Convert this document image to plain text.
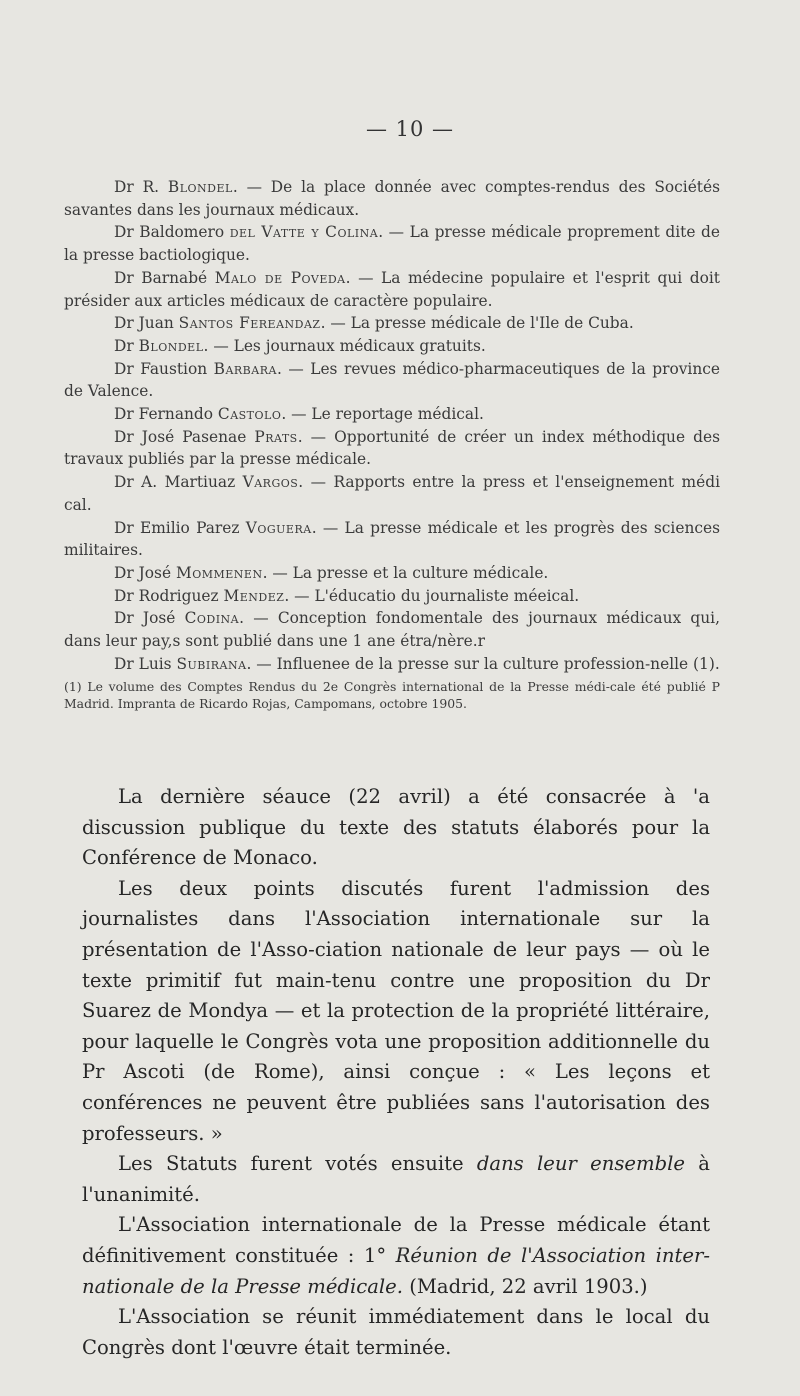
— 10 —

Dr R. Blondel. — De la place donnée avec comptes-rendus des Sociétés savantes dans les journaux médicaux.

Dr Baldomero del Vatte y Colina. — La presse médicale proprement dite de la presse bactiologique.

Dr Barnabé Malo de Poveda. — La médecine populaire et l'esprit qui doit présider aux articles médicaux de caractère populaire.

Dr Juan Santos Fereandaz. — La presse médicale de l'Ile de Cuba.

Dr Blondel. — Les journaux médicaux gratuits.

Dr Faustion Barbara. — Les revues médico-pharmaceutiques de la province de Valence.

Dr Fernando Castolo. — Le reportage médical.

Dr José Pasenae Prats. — Opportunité de créer un index méthodique des travaux publiés par la presse médicale.

Dr A. Martiuaz Vargos. — Rapports entre la press et l'enseignement médi cal.

Dr Emilio Parez Voguera. — La presse médicale et les progrès des sciences militaires.

Dr José Mommenen. — La presse et la culture médicale.

Dr Rodriguez Mendez. — L'éducatio du journaliste méeical.

Dr José Codina. — Conception fondomentale des journaux médicaux qui, dans leur pay,s sont publié dans une 1 ane étra/nère.r

Dr Luis Subirana. — Influenee de la presse sur la culture profession-nelle (1).

(1) Le volume des Comptes Rendus du 2e Congrès international de la Presse médi-cale été publié P Madrid. Impranta de Ricardo Rojas, Campomans, octobre 1905.

La dernière séauce (22 avril) a été consacrée à 'a discussion publique du texte des statuts élaborés pour la Conférence de Monaco.

Les deux points discutés furent l'admission des journalistes dans l'Association internationale sur la présentation de l'Asso-ciation nationale de leur pays — où le texte primitif fut main-tenu contre une proposition du Dr Suarez de Mondya — et la protection de la propriété littéraire, pour laquelle le Congrès vota une proposition additionnelle du Pr Ascoti (de Rome), ainsi conçue : « Les leçons et conférences ne peuvent être publiées sans l'autorisation des professeurs. »

Les Statuts furent votés ensuite dans leur ensemble à l'unanimité.

L'Association internationale de la Presse médicale étant définitivement constituée : 1° Réunion de l'Association inter-nationale de la Presse médicale. (Madrid, 22 avril 1903.)

L'Association se réunit immédiatement dans le local du Congrès dont l'œuvre était terminée.
